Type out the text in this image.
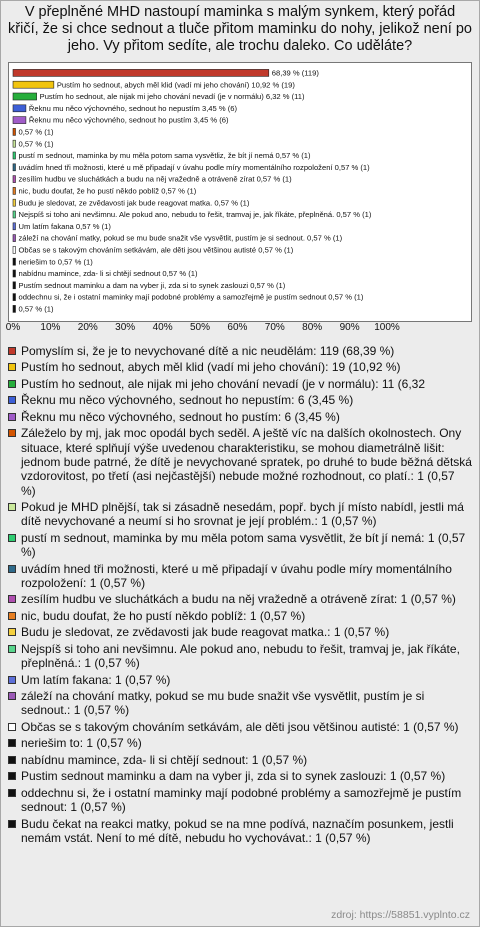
V přeplněné MHD nastoupí maminka s malým synkem, který pořád křičí, že si chce sednout a tluče přitom maminku do nohy, jelikož není po jeho. Vy přitom sedíte, ale trochu daleko. Co uděláte?
68,39 % (119)
Pustím ho sednout, abych měl klid (vadí mi jeho chování) 10,92 % (19)
Pustím ho sednout, ale nijak mi jeho chování nevadí (je v normálu) 6,32 % (11)
Řeknu mu něco výchovného, sednout ho nepustím 3,45 % (6)
Řeknu mu něco výchovného, sednout ho pustím 3,45 % (6)
0,57 % (1)
0,57 % (1)
pustí m sednout, maminka by mu měla potom sama vysvětliz, že bít jí nemá 0,57 % (1)
uvádím hned tři možnosti, které u mě připadají v úvahu podle míry momentálního rozpoložení 0,57 % (1)
zesílím hudbu ve sluchátkách a budu na něj vražedně a otráveně zírat 0,57 % (1)
nic, budu doufat, že ho pustí někdo poblíž 0,57 % (1)
Budu je sledovat, ze zvědavosti jak bude reagovat matka. 0,57 % (1)
Nejspíš si toho ani nevšimnu. Ale pokud ano, nebudu to řešit, tramvaj je, jak říkáte, přeplněná. 0,57 % (1)
Um latím fakana 0,57 % (1)
záleží na chování matky, pokud se mu bude snažit vše vysvětlit, pustím je si sednout. 0,57 % (1)
Občas se s takovým chováním setkávám, ale děti jsou většinou autisté 0,57 % (1)
neriešim to 0,57 % (1)
nabídnu mamince, zda- li si chtějí sednout 0,57 % (1)
Pustím sednout maminku a dam na vyber ji, zda si to synek zaslouzi 0,57 % (1)
oddechnu si, že i ostatní maminky mají podobné problémy a samozřejmě je pustím sednout 0,57 % (1)
0,57 % (1)
0% 10% 20% 30% 40% 50% 60% 70% 80% 90% 100%
Pomyslím si, že je to nevychované dítě a nic neudělám: 119 (68,39 %)
Pustím ho sednout, abych měl klid (vadí mi jeho chování): 19 (10,92 %)
Pustím ho sednout, ale nijak mi jeho chování nevadí (je v normálu): 11 (6,32
Řeknu mu něco výchovného, sednout ho nepustím: 6 (3,45 %)
Řeknu mu něco výchovného, sednout ho pustím: 6 (3,45 %)
Záleželo by mj, jak moc opodál bych seděl. A ještě víc na dalších okolnostech. Ony situace, které splňují výše uvedenou charakteristiku, se mohou diametrálně lišit: jednom bude patrné, že dítě je nevychované spratek, po druhé to bude běžná dětská vzdorovitost, po třetí (asi nejčastější) nebude možné rozhodnout, co platí.: 1 (0,57 %)
Pokud je MHD plnější, tak si zásadně nesedám, popř. bych jí místo nabídl, jestli má dítě nevychované a neumí si ho srovnat je její problém.: 1 (0,57 %)
pustí m sednout, maminka by mu měla potom sama vysvětlit, že bít jí nemá: 1 (0,57 %)
uvádím hned tři možnosti, které u mě připadají v úvahu podle míry momentálního rozpoložení: 1 (0,57 %)
zesílím hudbu ve sluchátkách a budu na něj vražedně a otráveně zírat: 1 (0,57 %)
nic, budu doufat, že ho pustí někdo poblíž: 1 (0,57 %)
Budu je sledovat, ze zvědavosti jak bude reagovat matka.: 1 (0,57 %)
Nejspíš si toho ani nevšimnu. Ale pokud ano, nebudu to řešit, tramvaj je, jak říkáte, přeplněná.: 1 (0,57 %)
Um latím fakana: 1 (0,57 %)
záleží na chování matky, pokud se mu bude snažit vše vysvětlit, pustím je si sednout.: 1 (0,57 %)
Občas se s takovým chováním setkávám, ale děti jsou většinou autisté: 1 (0,57 %)
neriešim to: 1 (0,57 %)
nabídnu mamince, zda- li si chtějí sednout: 1 (0,57 %)
Pustim sednout maminku a dam na vyber ji, zda si to synek zaslouzi: 1 (0,57 %)
oddechnu si, že i ostatní maminky mají podobné problémy a samozřejmě je pustím sednout: 1 (0,57 %)
Budu čekat na reakci matky, pokud se na mne podívá, naznačím posunkem, jestli nemám vstát. Není to mé dítě, nebudu ho vychovávat.: 1 (0,57 %)
zdroj: https://58851.vyplnto.cz
